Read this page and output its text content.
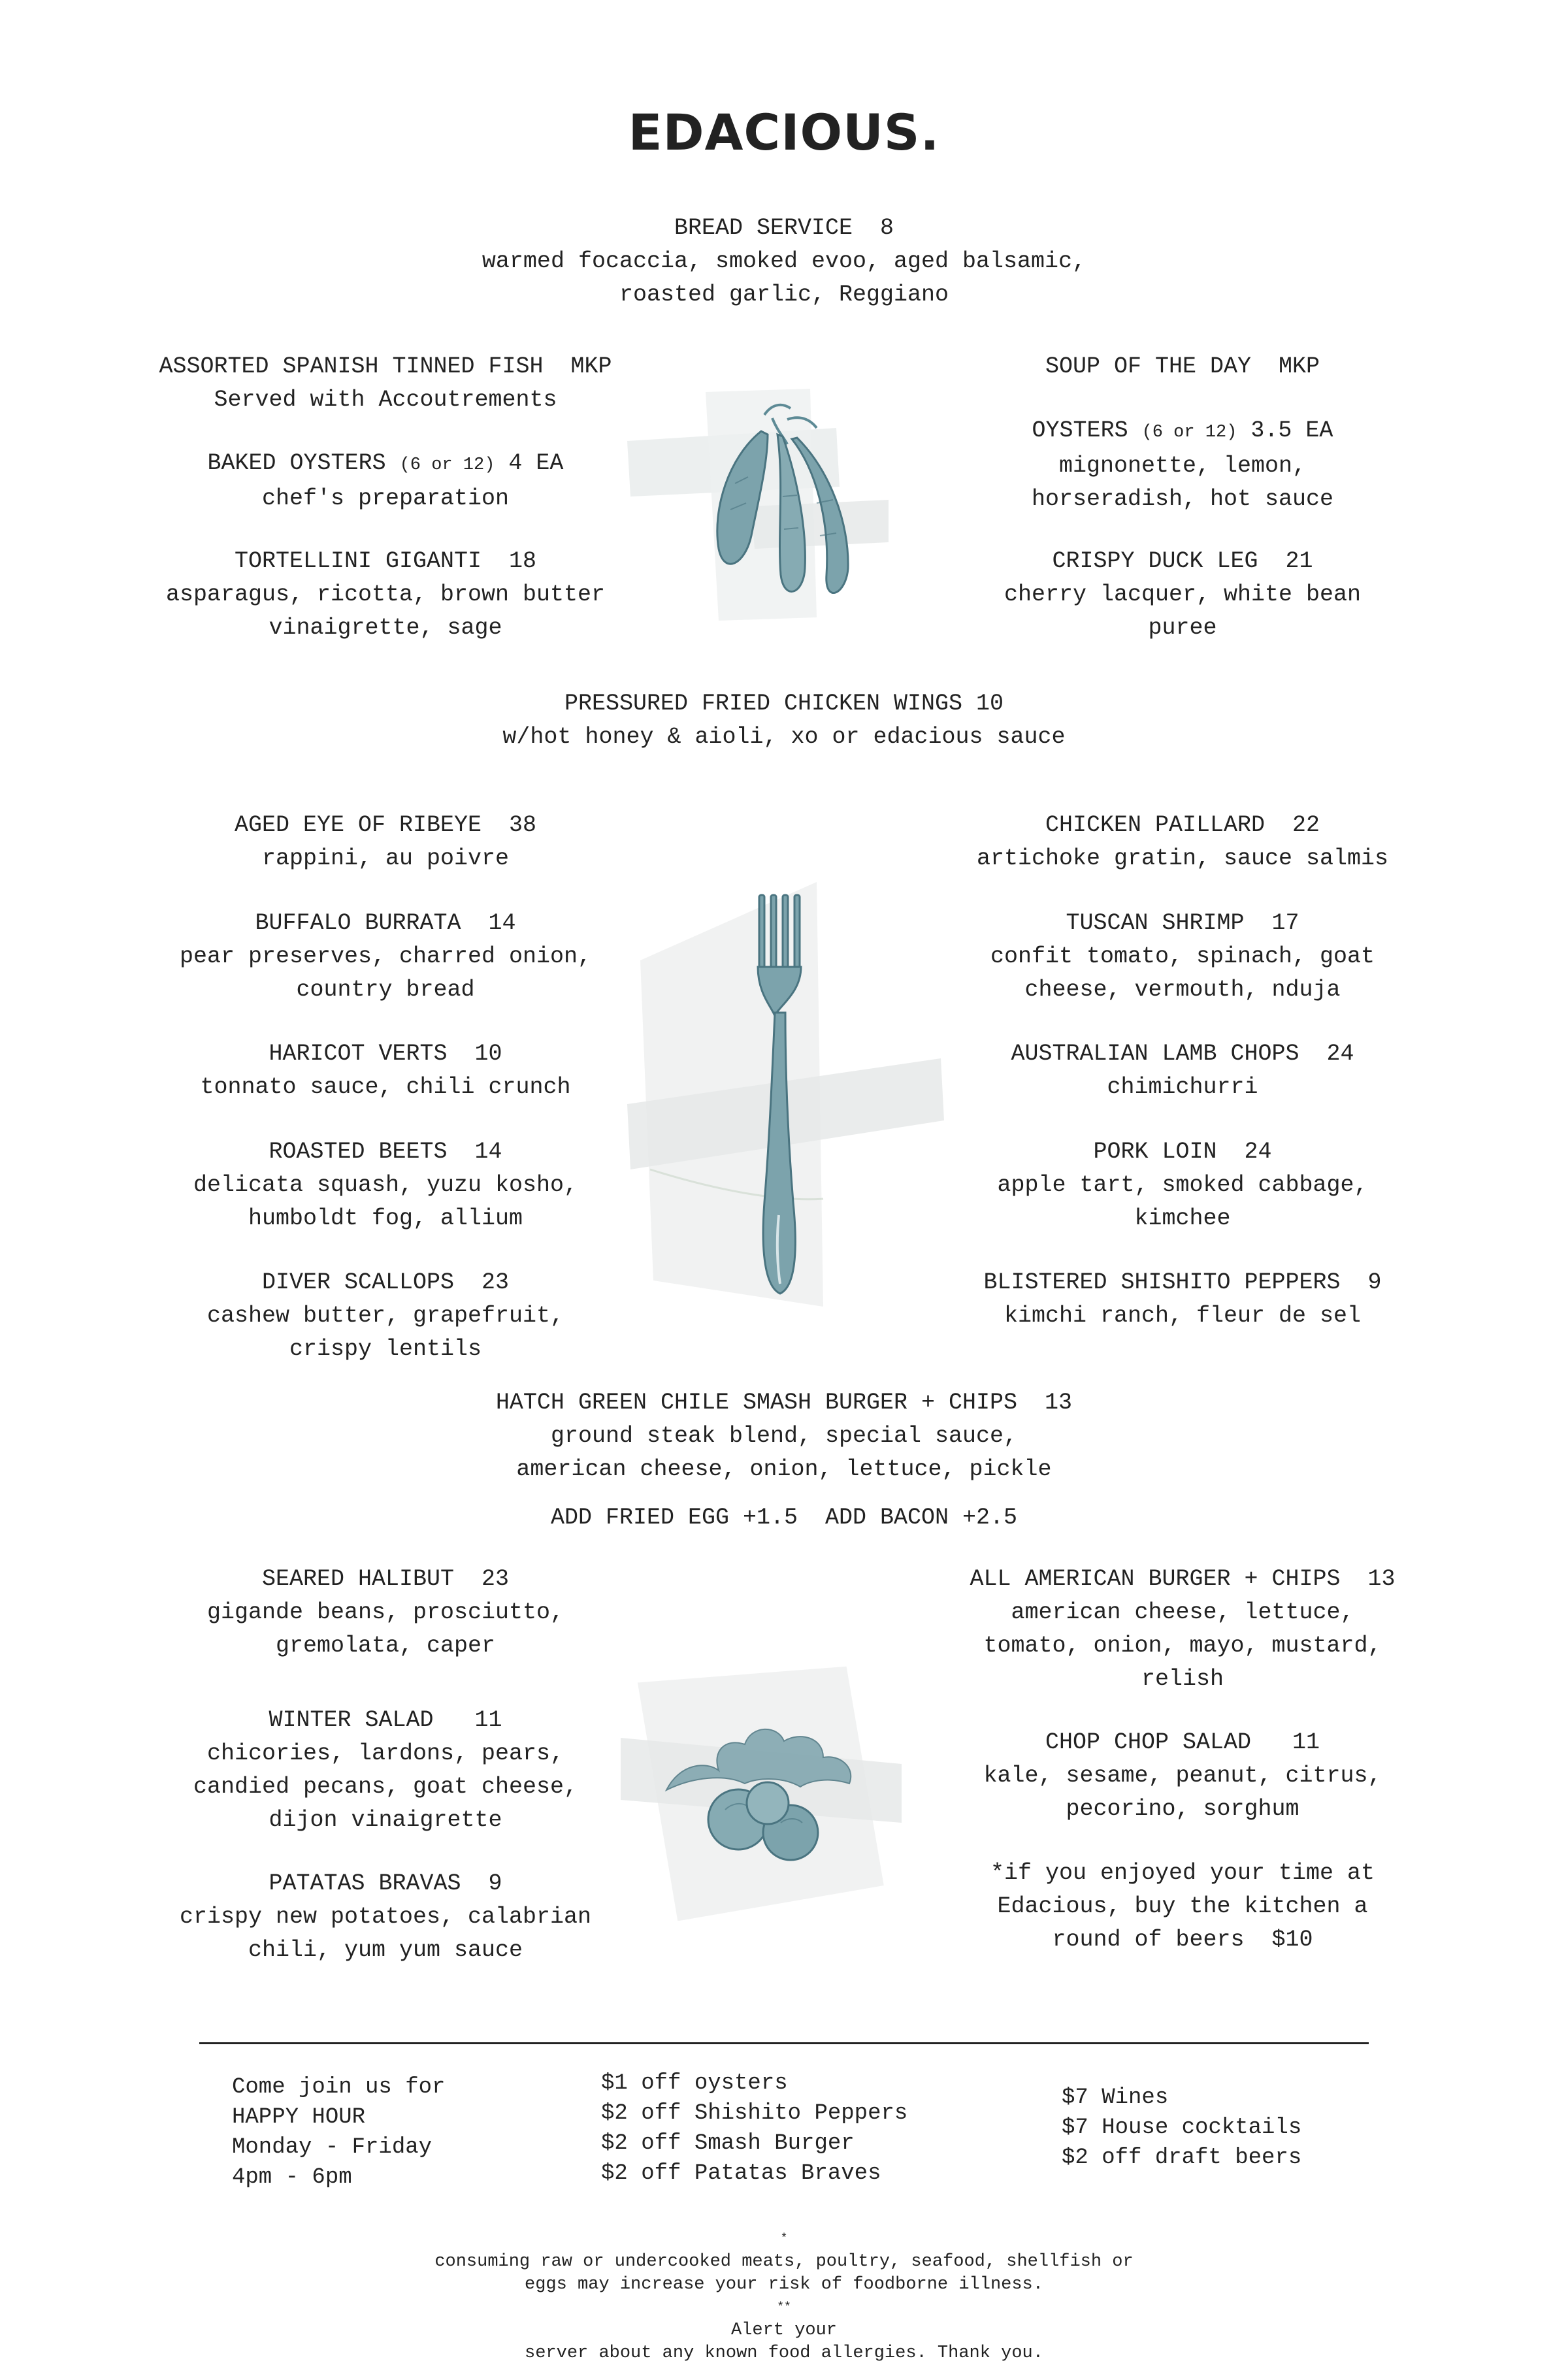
EDACIOUS.
BREAD SERVICE  8
warmed focaccia, smoked evoo, aged balsamic,
roasted garlic, Reggiano
ASSORTED SPANISH TINNED FISH  MKP
Served with Accoutrements
BAKED OYSTERS (6 or 12) 4 EA
chef's preparation
TORTELLINI GIGANTI  18
asparagus, ricotta, brown butter
vinaigrette, sage
SOUP OF THE DAY  MKP
OYSTERS (6 or 12) 3.5 EA
mignonette, lemon,
horseradish, hot sauce
CRISPY DUCK LEG  21
cherry lacquer, white bean
puree
PRESSURED FRIED CHICKEN WINGS 10
w/hot honey & aioli, xo or edacious sauce
AGED EYE OF RIBEYE  38
rappini, au poivre
BUFFALO BURRATA  14
pear preserves, charred onion,
country bread
HARICOT VERTS  10
tonnato sauce, chili crunch
ROASTED BEETS  14
delicata squash, yuzu kosho,
humboldt fog, allium
DIVER SCALLOPS  23
cashew butter, grapefruit,
crispy lentils
CHICKEN PAILLARD  22
artichoke gratin, sauce salmis
TUSCAN SHRIMP  17
confit tomato, spinach, goat
cheese, vermouth, nduja
AUSTRALIAN LAMB CHOPS  24
chimichurri
PORK LOIN  24
apple tart, smoked cabbage,
kimchee
BLISTERED SHISHITO PEPPERS  9
kimchi ranch, fleur de sel
HATCH GREEN CHILE SMASH BURGER + CHIPS  13
ground steak blend, special sauce,
american cheese, onion, lettuce, pickle
ADD FRIED EGG +1.5  ADD BACON +2.5
SEARED HALIBUT  23
gigande beans, prosciutto,
gremolata, caper
WINTER SALAD   11
chicories, lardons, pears,
candied pecans, goat cheese,
dijon vinaigrette
PATATAS BRAVAS  9
crispy new potatoes, calabrian
chili, yum yum sauce
ALL AMERICAN BURGER + CHIPS  13
american cheese, lettuce,
tomato, onion, mayo, mustard,
relish
CHOP CHOP SALAD   11
kale, sesame, peanut, citrus,
pecorino, sorghum
*if you enjoyed your time at
Edacious, buy the kitchen a
round of beers  $10
Come join us for
HAPPY HOUR
Monday - Friday
4pm - 6pm
$1 off oysters
$2 off Shishito Peppers
$2 off Smash Burger
$2 off Patatas Braves
$7 Wines
$7 House cocktails
$2 off draft beers
*
consuming raw or undercooked meats, poultry, seafood, shellfish or
eggs may increase your risk of foodborne illness.
**
Alert your
server about any known food allergies. Thank you.
